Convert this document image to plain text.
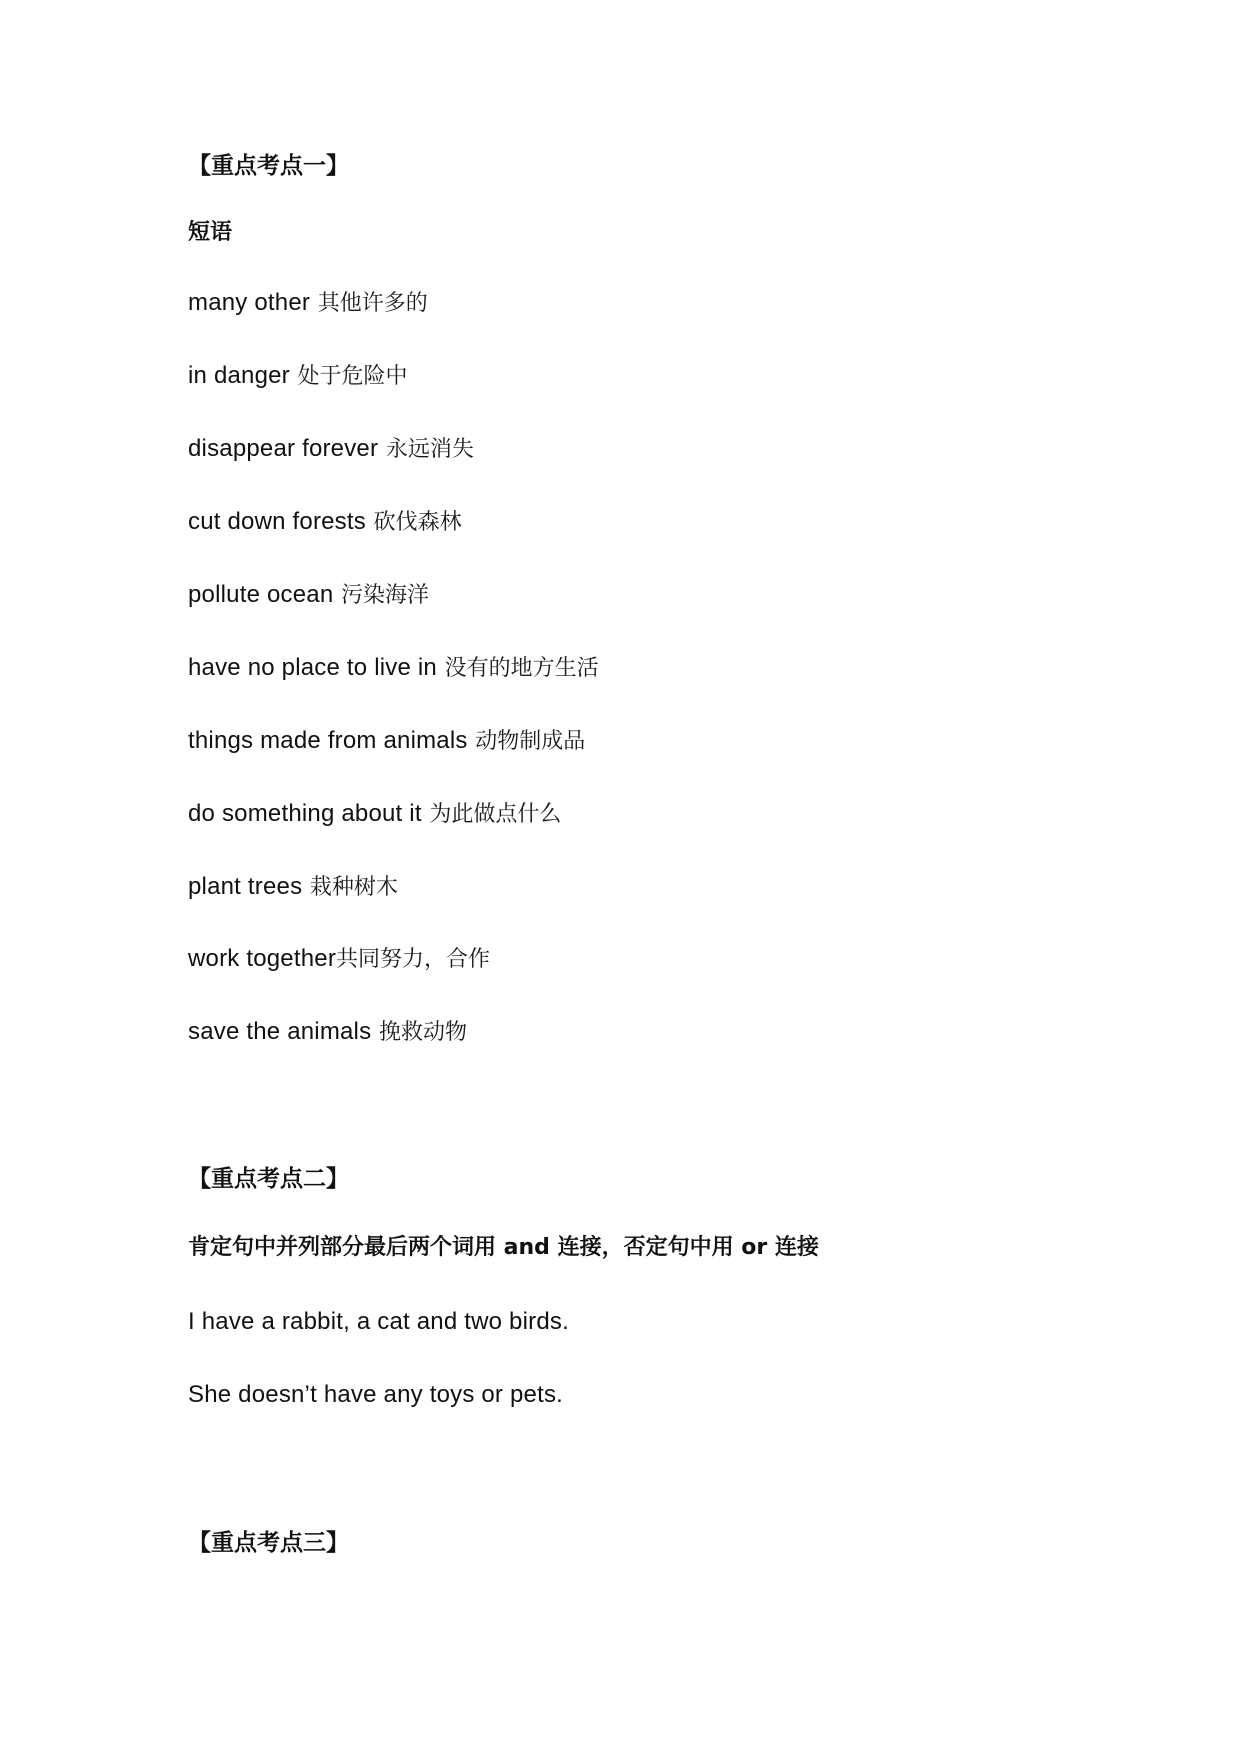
【重点考点一】

短语

many other 其他许多的

in danger 处于危险中

disappear forever 永远消失

cut down forests 砍伐森林

pollute ocean 污染海洋

have no place to live in 没有的地方生活

things made from animals 动物制成品

do something about it 为此做点什么

plant trees 栽种树木

work together共同努力，合作

save the animals 挽救动物

【重点考点二】

肯定句中并列部分最后两个词用 and 连接，否定句中用 or 连接

I have a rabbit, a cat and two birds.

She doesn’t have any toys or pets.

【重点考点三】
